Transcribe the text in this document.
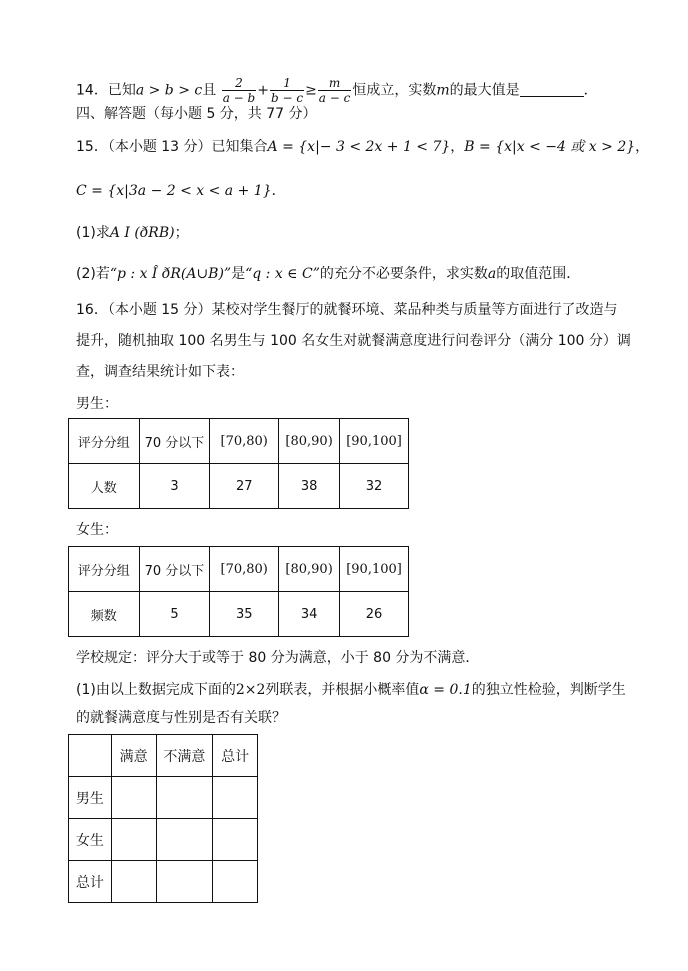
14．已知a > b > c且 $\frac{2}{a - b} + \frac{1}{b - c} \ge \frac{m}{a - c}$ 恒成立，实数m的最大值是	．
四、解答题（每小题 5 分，共 77 分）
15．（本小题 13 分）已知集合A = {x|− 3 < 2x + 1 < 7}，B = {x|x < −4 或 x > 2}，
C = {x|3a − 2 < x < a + 1}．
(1)求A I (ðRB)；
(2)若“p : x Î ðR(A∪B)”是“q : x ∈ C”的充分不必要条件，求实数a的取值范围．
16．（本小题 15 分）某校对学生餐厅的就餐环境、菜品种类与质量等方面进行了改造与
提升，随机抽取 100 名男生与 100 名女生对就餐满意度进行问卷评分（满分 100 分）调
查，调查结果统计如下表：
男生：
评分分组	70 分以下	[70,80)	[80,90)	[90,100]
人数	3	27	38	32
女生：
评分分组	70 分以下	[70,80)	[80,90)	[90,100]
频数	5	35	34	26
学校规定：评分大于或等于 80 分为满意，小于 80 分为不满意．
(1)由以上数据完成下面的2×2列联表，并根据小概率值α = 0.1的独立性检验，判断学生
的就餐满意度与性别是否有关联？
	满意	不满意	总计
男生			
女生			
总计			
